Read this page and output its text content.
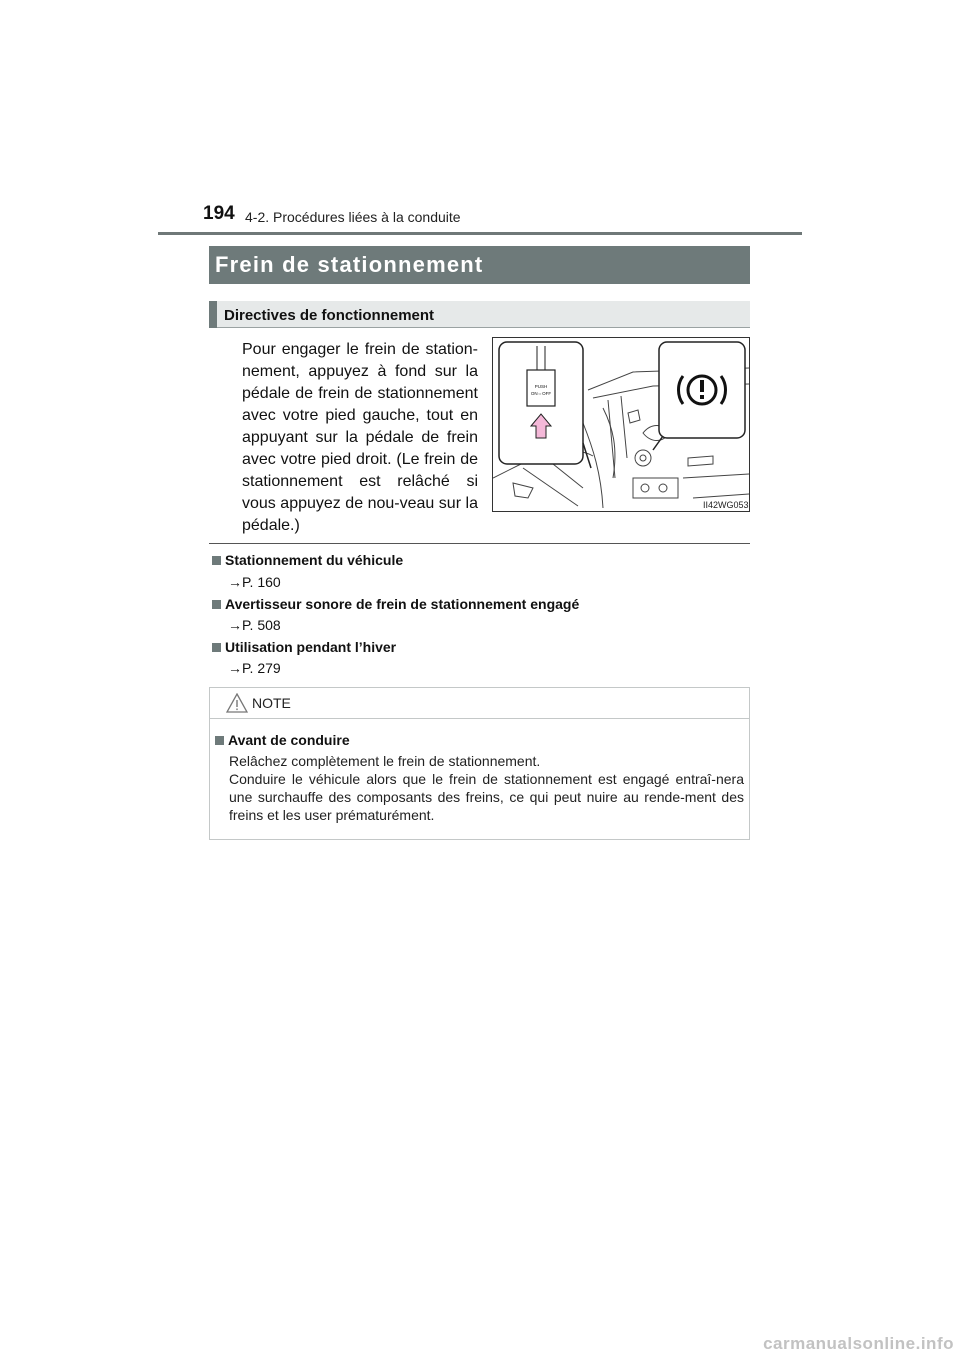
194 4-2. Procédures liées à la conduite
Frein de stationnement
Directives de fonctionnement
Pour engager le frein de station-nement, appuyez à fond sur la pédale de frein de stationnement avec votre pied gauche, tout en appuyant sur la pédale de frein avec votre pied droit. (Le frein de stationnement est relâché si vous appuyez de nou-veau sur la pédale.)
PUSH
ON⇔OFF
II42WG053
Stationnement du véhicule
→P. 160
Avertisseur sonore de frein de stationnement engagé
→P. 508
Utilisation pendant l’hiver
→P. 279
NOTE
Avant de conduire
Relâchez complètement le frein de stationnement.
Conduire le véhicule alors que le frein de stationnement est engagé entraî-nera une surchauffe des composants des freins, ce qui peut nuire au rende-ment des freins et les user prématurément.
carmanualsonline.info
